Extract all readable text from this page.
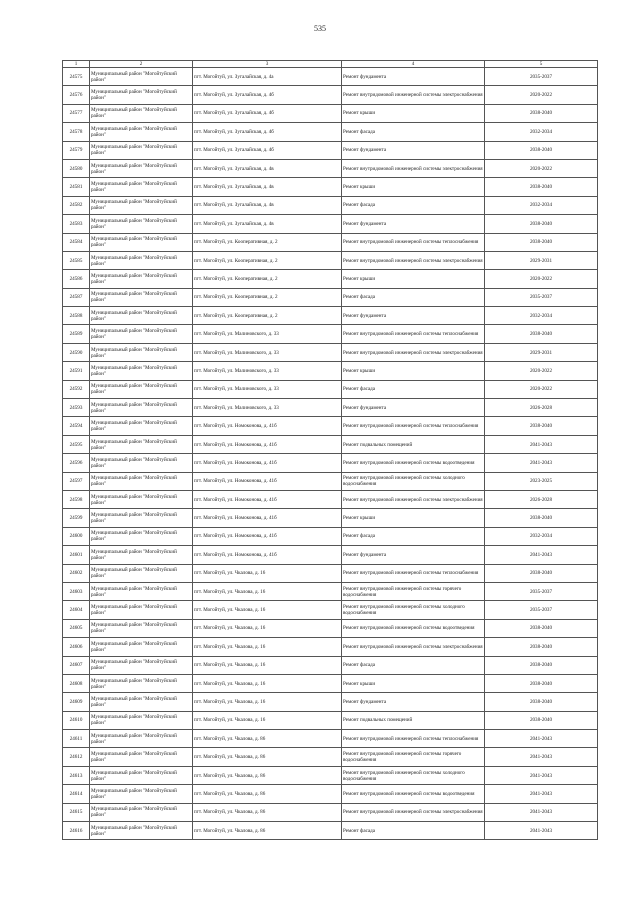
535
1	2	3	4	5
24575	Муниципальный район "Могойтуйский район"	пгт. Могойтуй, ул. Зугалайская, д. 4а	Ремонт фундамента	2035-2037
24576	Муниципальный район "Могойтуйский район"	пгт. Могойтуй, ул. Зугалайская, д. 4б	Ремонт внутридомовой инженерной системы электроснабжения	2020-2022
24577	Муниципальный район "Могойтуйский район"	пгт. Могойтуй, ул. Зугалайская, д. 4б	Ремонт крыши	2038-2040
24578	Муниципальный район "Могойтуйский район"	пгт. Могойтуй, ул. Зугалайская, д. 4б	Ремонт фасада	2032-2034
24579	Муниципальный район "Могойтуйский район"	пгт. Могойтуй, ул. Зугалайская, д. 4б	Ремонт фундамента	2038-2040
24580	Муниципальный район "Могойтуйский район"	пгт. Могойтуй, ул. Зугалайская, д. 4в	Ремонт внутридомовой инженерной системы электроснабжения	2020-2022
24581	Муниципальный район "Могойтуйский район"	пгт. Могойтуй, ул. Зугалайская, д. 4в	Ремонт крыши	2038-2040
24582	Муниципальный район "Могойтуйский район"	пгт. Могойтуй, ул. Зугалайская, д. 4в	Ремонт фасада	2032-2034
24583	Муниципальный район "Могойтуйский район"	пгт. Могойтуй, ул. Зугалайская, д. 4в	Ремонт фундамента	2038-2040
24584	Муниципальный район "Могойтуйский район"	пгт. Могойтуй, ул. Кооперативная, д. 2	Ремонт внутридомовой инженерной системы теплоснабжения	2038-2040
24585	Муниципальный район "Могойтуйский район"	пгт. Могойтуй, ул. Кооперативная, д. 2	Ремонт внутридомовой инженерной системы электроснабжения	2029-2031
24586	Муниципальный район "Могойтуйский район"	пгт. Могойтуй, ул. Кооперативная, д. 2	Ремонт крыши	2020-2022
24587	Муниципальный район "Могойтуйский район"	пгт. Могойтуй, ул. Кооперативная, д. 2	Ремонт фасада	2035-2037
24588	Муниципальный район "Могойтуйский район"	пгт. Могойтуй, ул. Кооперативная, д. 2	Ремонт фундамента	2032-2034
24589	Муниципальный район "Могойтуйский район"	пгт. Могойтуй, ул. Малиновского, д. 33	Ремонт внутридомовой инженерной системы теплоснабжения	2038-2040
24590	Муниципальный район "Могойтуйский район"	пгт. Могойтуй, ул. Малиновского, д. 33	Ремонт внутридомовой инженерной системы электроснабжения	2029-2031
24591	Муниципальный район "Могойтуйский район"	пгт. Могойтуй, ул. Малиновского, д. 33	Ремонт крыши	2020-2022
24592	Муниципальный район "Могойтуйский район"	пгт. Могойтуй, ул. Малиновского, д. 33	Ремонт фасада	2020-2022
24593	Муниципальный район "Могойтуйский район"	пгт. Могойтуй, ул. Малиновского, д. 33	Ремонт фундамента	2026-2028
24594	Муниципальный район "Могойтуйский район"	пгт. Могойтуй, ул. Номоконова, д. 41б	Ремонт внутридомовой инженерной системы теплоснабжения	2038-2040
24595	Муниципальный район "Могойтуйский район"	пгт. Могойтуй, ул. Номоконова, д. 41б	Ремонт подвальных помещений	2041-2043
24596	Муниципальный район "Могойтуйский район"	пгт. Могойтуй, ул. Номоконова, д. 41б	Ремонт внутридомовой инженерной системы водоотведения	2041-2043
24597	Муниципальный район "Могойтуйский район"	пгт. Могойтуй, ул. Номоконова, д. 41б	Ремонт внутридомовой инженерной системы холодного водоснабжения	2023-2025
24598	Муниципальный район "Могойтуйский район"	пгт. Могойтуй, ул. Номоконова, д. 41б	Ремонт внутридомовой инженерной системы электроснабжения	2026-2028
24599	Муниципальный район "Могойтуйский район"	пгт. Могойтуй, ул. Номоконова, д. 41б	Ремонт крыши	2038-2040
24600	Муниципальный район "Могойтуйский район"	пгт. Могойтуй, ул. Номоконова, д. 41б	Ремонт фасада	2032-2034
24601	Муниципальный район "Могойтуйский район"	пгт. Могойтуй, ул. Номоконова, д. 41б	Ремонт фундамента	2041-2043
24602	Муниципальный район "Могойтуйский район"	пгт. Могойтуй, ул. Чкалова, д. 16	Ремонт внутридомовой инженерной системы теплоснабжения	2038-2040
24603	Муниципальный район "Могойтуйский район"	пгт. Могойтуй, ул. Чкалова, д. 16	Ремонт внутридомовой инженерной системы горячего водоснабжения	2035-2037
24604	Муниципальный район "Могойтуйский район"	пгт. Могойтуй, ул. Чкалова, д. 16	Ремонт внутридомовой инженерной системы холодного водоснабжения	2035-2037
24605	Муниципальный район "Могойтуйский район"	пгт. Могойтуй, ул. Чкалова, д. 16	Ремонт внутридомовой инженерной системы водоотведения	2038-2040
24606	Муниципальный район "Могойтуйский район"	пгт. Могойтуй, ул. Чкалова, д. 16	Ремонт внутридомовой инженерной системы электроснабжения	2038-2040
24607	Муниципальный район "Могойтуйский район"	пгт. Могойтуй, ул. Чкалова, д. 16	Ремонт фасада	2038-2040
24608	Муниципальный район "Могойтуйский район"	пгт. Могойтуй, ул. Чкалова, д. 16	Ремонт крыши	2038-2040
24609	Муниципальный район "Могойтуйский район"	пгт. Могойтуй, ул. Чкалова, д. 16	Ремонт фундамента	2038-2040
24610	Муниципальный район "Могойтуйский район"	пгт. Могойтуй, ул. Чкалова, д. 16	Ремонт подвальных помещений	2038-2040
24611	Муниципальный район "Могойтуйский район"	пгт. Могойтуй, ул. Чкалова, д. 86	Ремонт внутридомовой инженерной системы теплоснабжения	2041-2043
24612	Муниципальный район "Могойтуйский район"	пгт. Могойтуй, ул. Чкалова, д. 86	Ремонт внутридомовой инженерной системы горячего водоснабжения	2041-2043
24613	Муниципальный район "Могойтуйский район"	пгт. Могойтуй, ул. Чкалова, д. 86	Ремонт внутридомовой инженерной системы холодного водоснабжения	2041-2043
24614	Муниципальный район "Могойтуйский район"	пгт. Могойтуй, ул. Чкалова, д. 86	Ремонт внутридомовой инженерной системы водоотведения	2041-2043
24615	Муниципальный район "Могойтуйский район"	пгт. Могойтуй, ул. Чкалова, д. 86	Ремонт внутридомовой инженерной системы электроснабжения	2041-2043
24616	Муниципальный район "Могойтуйский район"	пгт. Могойтуй, ул. Чкалова, д. 86	Ремонт фасада	2041-2043
